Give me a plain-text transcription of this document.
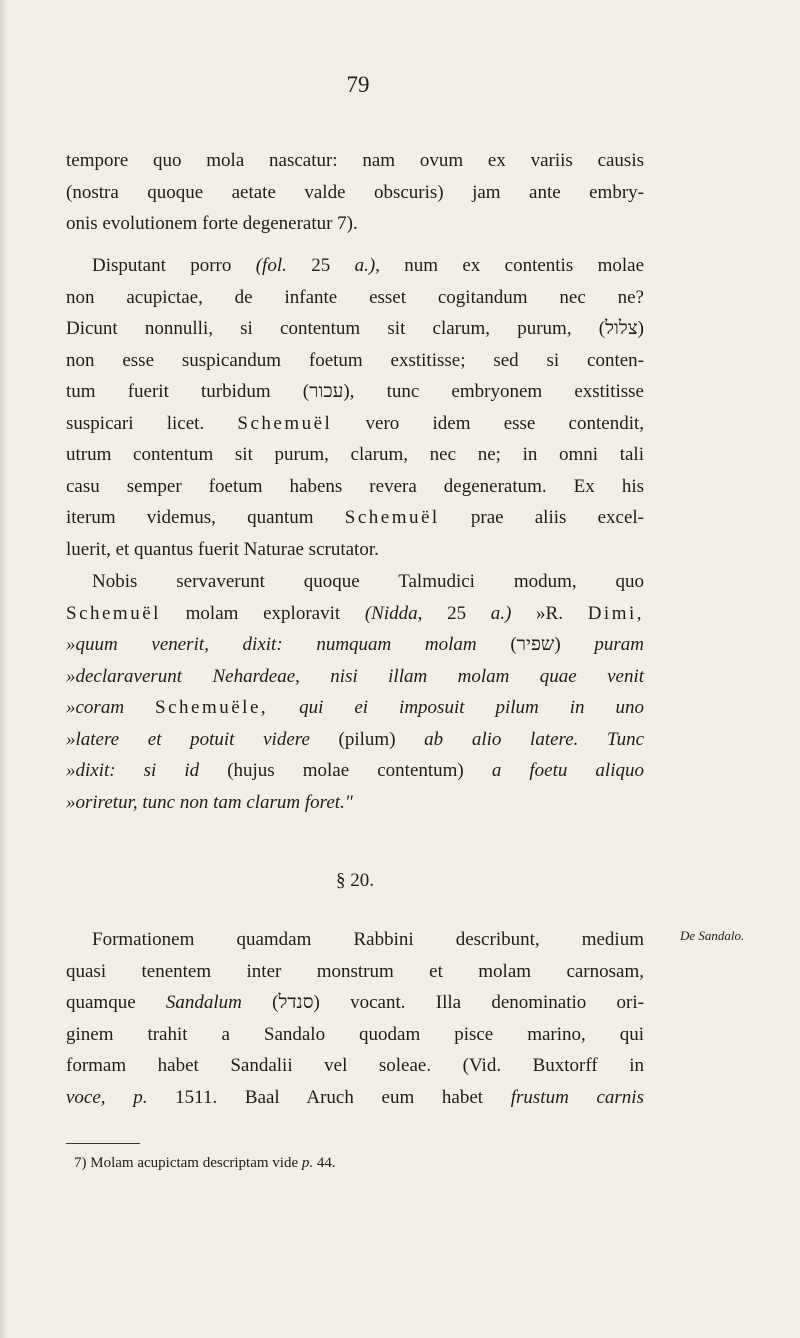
79
tempore quo mola nascatur: nam ovum ex variis causis
(nostra quoque aetate valde obscuris) jam ante embry-
onis evolutionem forte degeneratur 7).
Disputant porro (fol. 25 a.), num ex contentis molae
non acupictae, de infante esset cogitandum nec ne?
Dicunt nonnulli, si contentum sit clarum, purum, (צלול)
non esse suspicandum foetum exstitisse; sed si conten-
tum fuerit turbidum (עכור), tunc embryonem exstitisse
suspicari licet. Schemuël vero idem esse contendit,
utrum contentum sit purum, clarum, nec ne; in omni tali
casu semper foetum habens revera degeneratum. Ex his
iterum videmus, quantum Schemuël prae aliis excel-
luerit, et quantus fuerit Naturae scrutator.
Nobis servaverunt quoque Talmudici modum, quo
Schemuël molam exploravit (Nidda, 25 a.) »R. Dimi,
»quum venerit, dixit: numquam molam (שפיר) puram
»declaraverunt Nehardeae, nisi illam molam quae venit
»coram Schemuële, qui ei imposuit pilum in uno
»latere et potuit videre (pilum) ab alio latere. Tunc
»dixit: si id (hujus molae contentum) a foetu aliquo
»oriretur, tunc non tam clarum foret."
§ 20.
De Sandalo.
Formationem quamdam Rabbini describunt, medium
quasi tenentem inter monstrum et molam carnosam,
quamque Sandalum (סנדל) vocant. Illa denominatio ori-
ginem trahit a Sandalo quodam pisce marino, qui
formam habet Sandalii vel soleae. (Vid. Buxtorff in
voce, p. 1511. Baal Aruch eum habet frustum carnis
7) Molam acupictam descriptam vide p. 44.
